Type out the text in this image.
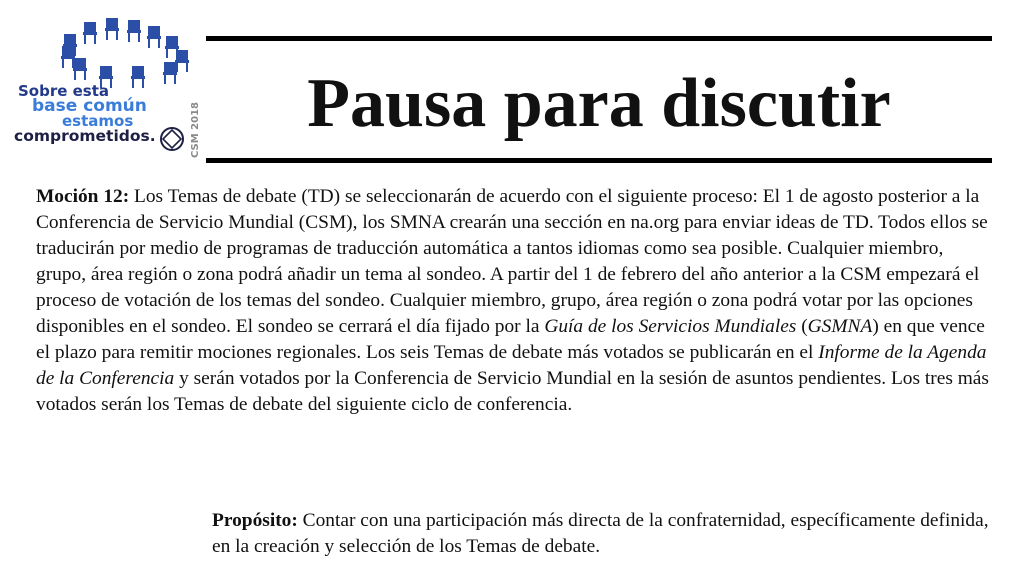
Sobre esta
base común
estamos
comprometidos.	CSM 2018	Pausa para discutir

Moción 12: Los Temas de debate (TD) se seleccionarán de acuerdo con el siguiente proceso: El 1 de agosto posterior a la Conferencia de Servicio Mundial (CSM), los SMNA crearán una sección en na.org para enviar ideas de TD. Todos ellos se traducirán por medio de programas de traducción automática a tantos idiomas como sea posible. Cualquier miembro, grupo, área región o zona podrá añadir un tema al sondeo. A partir del 1 de febrero del año anterior a la CSM empezará el proceso de votación de los temas del sondeo. Cualquier miembro, grupo, área región o zona podrá votar por las opciones disponibles en el sondeo. El sondeo se cerrará el día fijado por la Guía de los Servicios Mundiales (GSMNA) en que vence el plazo para remitir mociones regionales. Los seis Temas de debate más votados se publicarán en el Informe de la Agenda de la Conferencia y serán votados por la Conferencia de Servicio Mundial en la sesión de asuntos pendientes. Los tres más votados serán los Temas de debate del siguiente ciclo de conferencia.

Propósito: Contar con una participación más directa de la confraternidad, específicamente definida, en la creación y selección de los Temas de debate.
